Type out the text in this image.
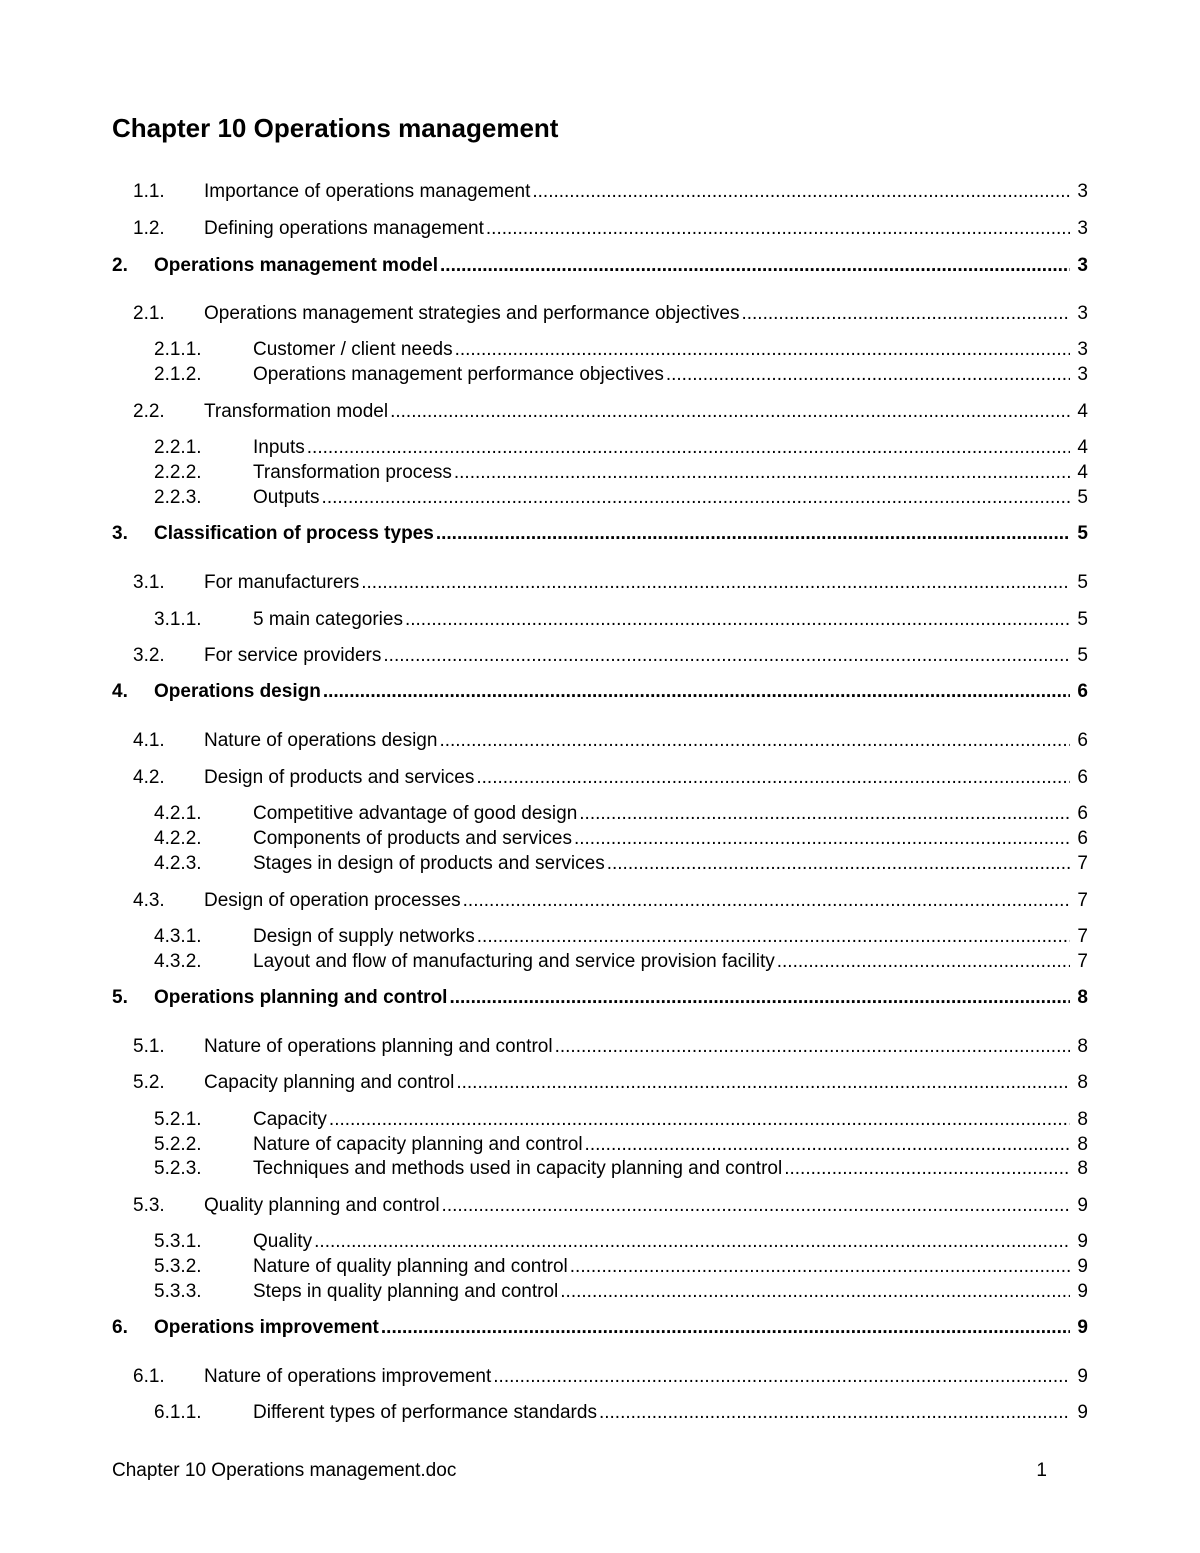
Chapter 10 Operations management
1.1. Importance of operations management .....	3
1.2. Defining operations management .....	3
2. Operations management model .....	3
2.1. Operations management strategies and performance objectives .....	3
2.1.1.	Customer / client needs .....	3
2.1.2.	Operations management performance objectives .....	3
2.2. Transformation model .....	4
2.2.1.	Inputs .....	4
2.2.2.	Transformation process .....	4
2.2.3.	Outputs .....	5
3. Classification of process types .....	5
3.1. For manufacturers .....	5
3.1.1.	5 main categories .....	5
3.2. For service providers .....	5
4. Operations design .....	6
4.1. Nature of operations design .....	6
4.2. Design of products and services .....	6
4.2.1.	Competitive advantage of good design .....	6
4.2.2.	Components of products and services .....	6
4.2.3.	Stages in design of products and services .....	7
4.3. Design of operation processes .....	7
4.3.1.	Design of supply networks .....	7
4.3.2.	Layout and flow of manufacturing and service provision facility .....	7
5. Operations planning and control .....	8
5.1. Nature of operations planning and control .....	8
5.2. Capacity planning and control .....	8
5.2.1.	Capacity .....	8
5.2.2.	Nature of capacity planning and control .....	8
5.2.3.	Techniques and methods used in capacity planning and control .....	8
5.3. Quality planning and control .....	9
5.3.1.	Quality .....	9
5.3.2.	Nature of quality planning and control .....	9
5.3.3.	Steps in quality planning and control .....	9
6. Operations improvement .....	9
6.1. Nature of operations improvement .....	9
6.1.1.	Different types of performance standards .....	9
Chapter 10 Operations management.doc	1
